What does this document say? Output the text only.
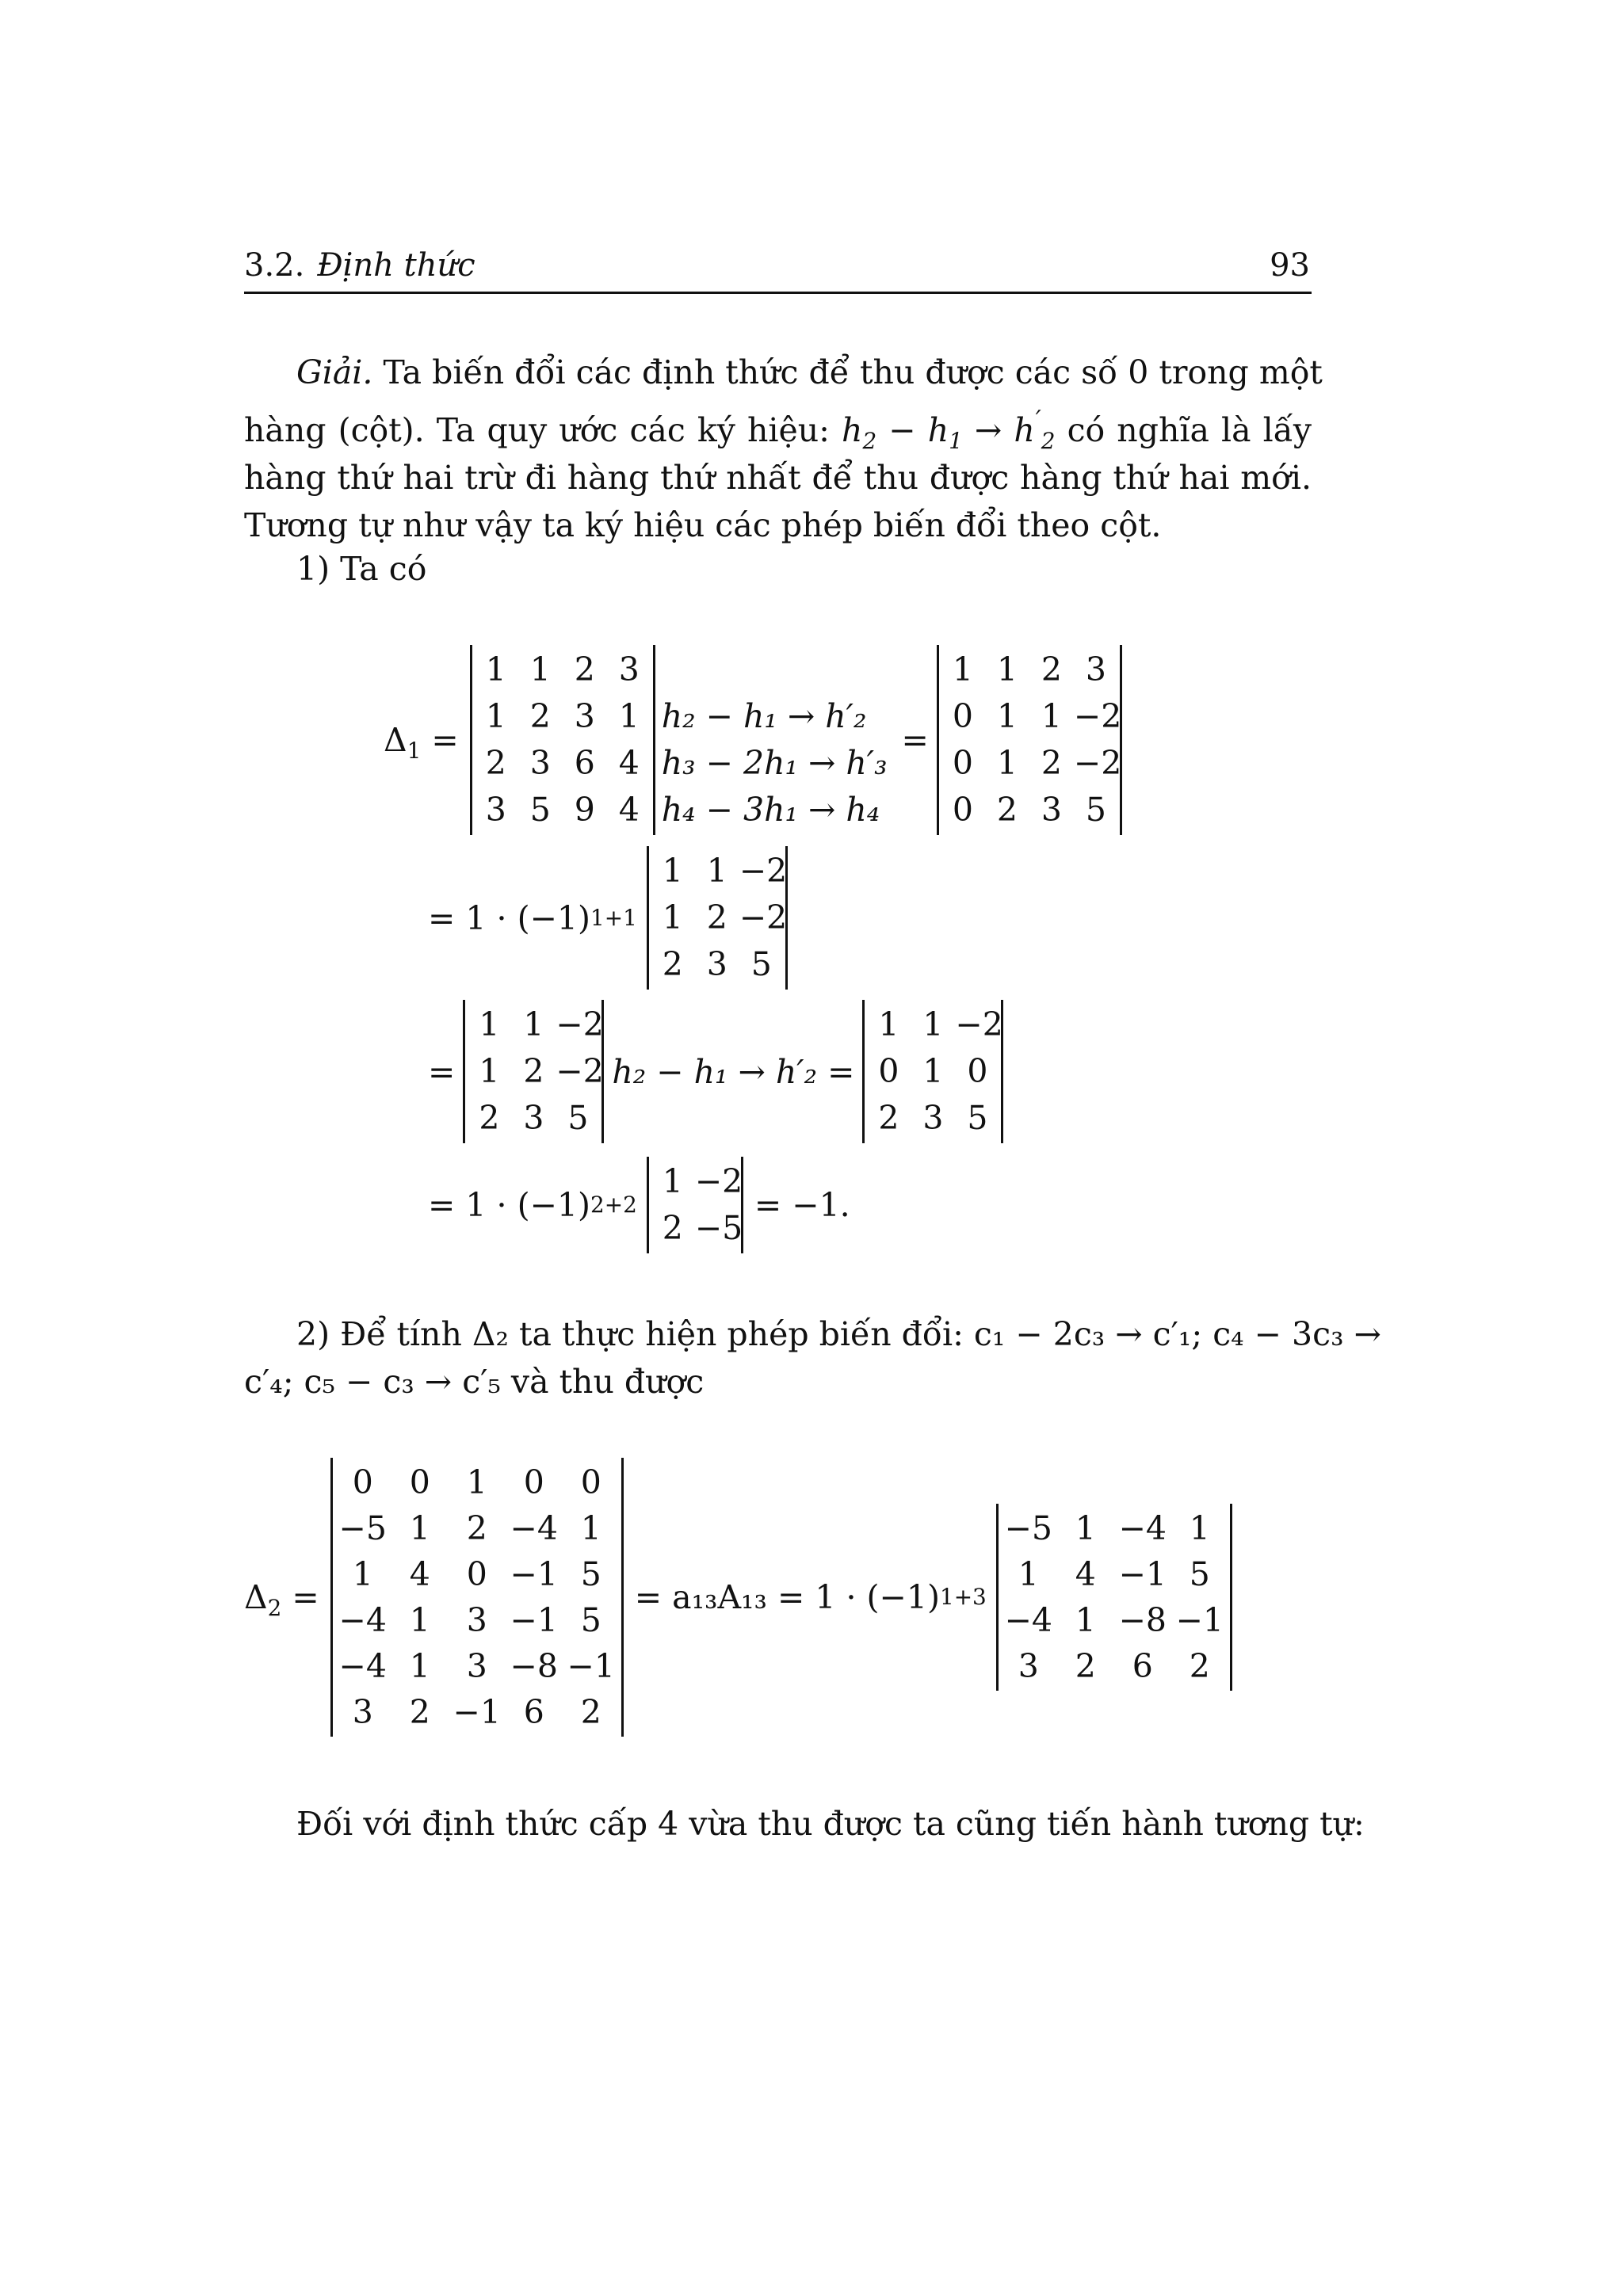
3.2. Định thức	93
Giải. Ta biến đổi các định thức để thu được các số 0 trong một
hàng (cột). Ta quy ước các ký hiệu: $h_2 - h_1 \to h'_2$ có nghĩa là lấy
hàng thứ hai trừ đi hàng thứ nhất để thu được hàng thứ hai mới.
Tương tự như vậy ta ký hiệu các phép biến đổi theo cột.
1) Ta có
$\Delta_1$ =
1 1 2 3
1 2 3 1
2 3 6 4
3 5 9 4

h₂ − h₁ → h′₂
h₃ − 2h₁ → h′₃
h₄ − 3h₁ → h₄
=
1 1 2 3
0 1 1 −2
0 1 2 −2
0 2 3 5
= 1 · (−1) 1+1
1 1 −2
1 2 −2
2 3 5
=
1 1 −2
1 2 −2
2 3 5
h₂ − h₁ → h′₂ =
1 1 −2
0 1 0
2 3 5
= 1 · (−1) 2+2
1 −2
2 −5
= −1.
2) Để tính Δ₂ ta thực hiện phép biến đổi: c₁ − 2c₃ → c′₁; c₄ − 3c₃ →
c′₄; c₅ − c₃ → c′₅ và thu được
$\Delta_2$ =
0	0	1	0	0
−5 1	2 −4 1
1	4	0 −1 5
−4 1	3 −1 5
−4 1	3 −8 −1
3	2 −1 6	2
= a₁₃A₁₃ = 1 · (−1) 1+3
−5 1 −4 1
1	4 −1 5
−4 1 −8 −1
3	2	6	2
Đối với định thức cấp 4 vừa thu được ta cũng tiến hành tương tự:
